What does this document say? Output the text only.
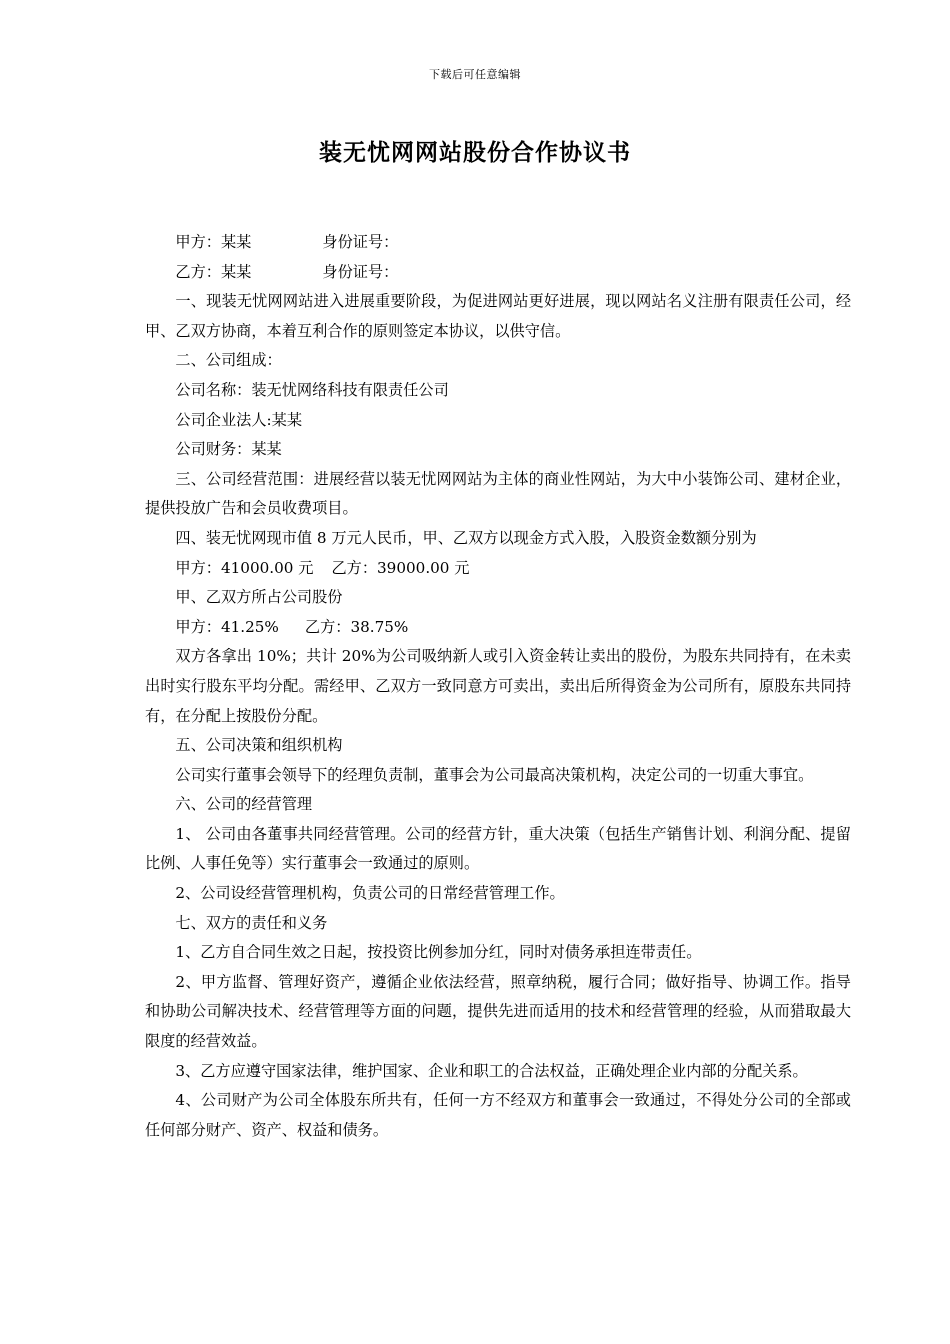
下载后可任意编辑
装无忧网网站股份合作协议书
甲方：某某	身份证号：
乙方：某某	身份证号：

一、现装无忧网网站进入进展重要阶段，为促进网站更好进展，现以网站名义注册有限责任公司，经甲、乙双方协商，本着互利合作的原则签定本协议，以供守信。

二、公司组成：

公司名称：装无忧网络科技有限责任公司

公司企业法人:某某

公司财务：某某

三、公司经营范围：进展经营以装无忧网网站为主体的商业性网站，为大中小装饰公司、建材企业，提供投放广告和会员收费项目。

四、装无忧网现市值 8 万元人民币，甲、乙双方以现金方式入股，入股资金数额分别为

甲方：41000.00 元 乙方：39000.00 元

甲、乙双方所占公司股份

甲方：41.25% 乙方：38.75%

双方各拿出 10%；共计 20%为公司吸纳新人或引入资金转让卖出的股份，为股东共同持有，在未卖出时实行股东平均分配。需经甲、乙双方一致同意方可卖出，卖出后所得资金为公司所有，原股东共同持有，在分配上按股份分配。

五、公司决策和组织机构

公司实行董事会领导下的经理负责制，董事会为公司最高决策机构，决定公司的一切重大事宜。

六、公司的经营管理

1、 公司由各董事共同经营管理。公司的经营方针，重大决策（包括生产销售计划、利润分配、提留比例、人事任免等）实行董事会一致通过的原则。

2、公司设经营管理机构，负责公司的日常经营管理工作。

七、双方的责任和义务

1、乙方自合同生效之日起，按投资比例参加分红，同时对债务承担连带责任。

2、甲方监督、管理好资产，遵循企业依法经营，照章纳税，履行合同；做好指导、协调工作。指导和协助公司解决技术、经营管理等方面的问题，提供先进而适用的技术和经营管理的经验，从而猎取最大限度的经营效益。

3、乙方应遵守国家法律，维护国家、企业和职工的合法权益，正确处理企业内部的分配关系。

4、公司财产为公司全体股东所共有，任何一方不经双方和董事会一致通过，不得处分公司的全部或任何部分财产、资产、权益和债务。
